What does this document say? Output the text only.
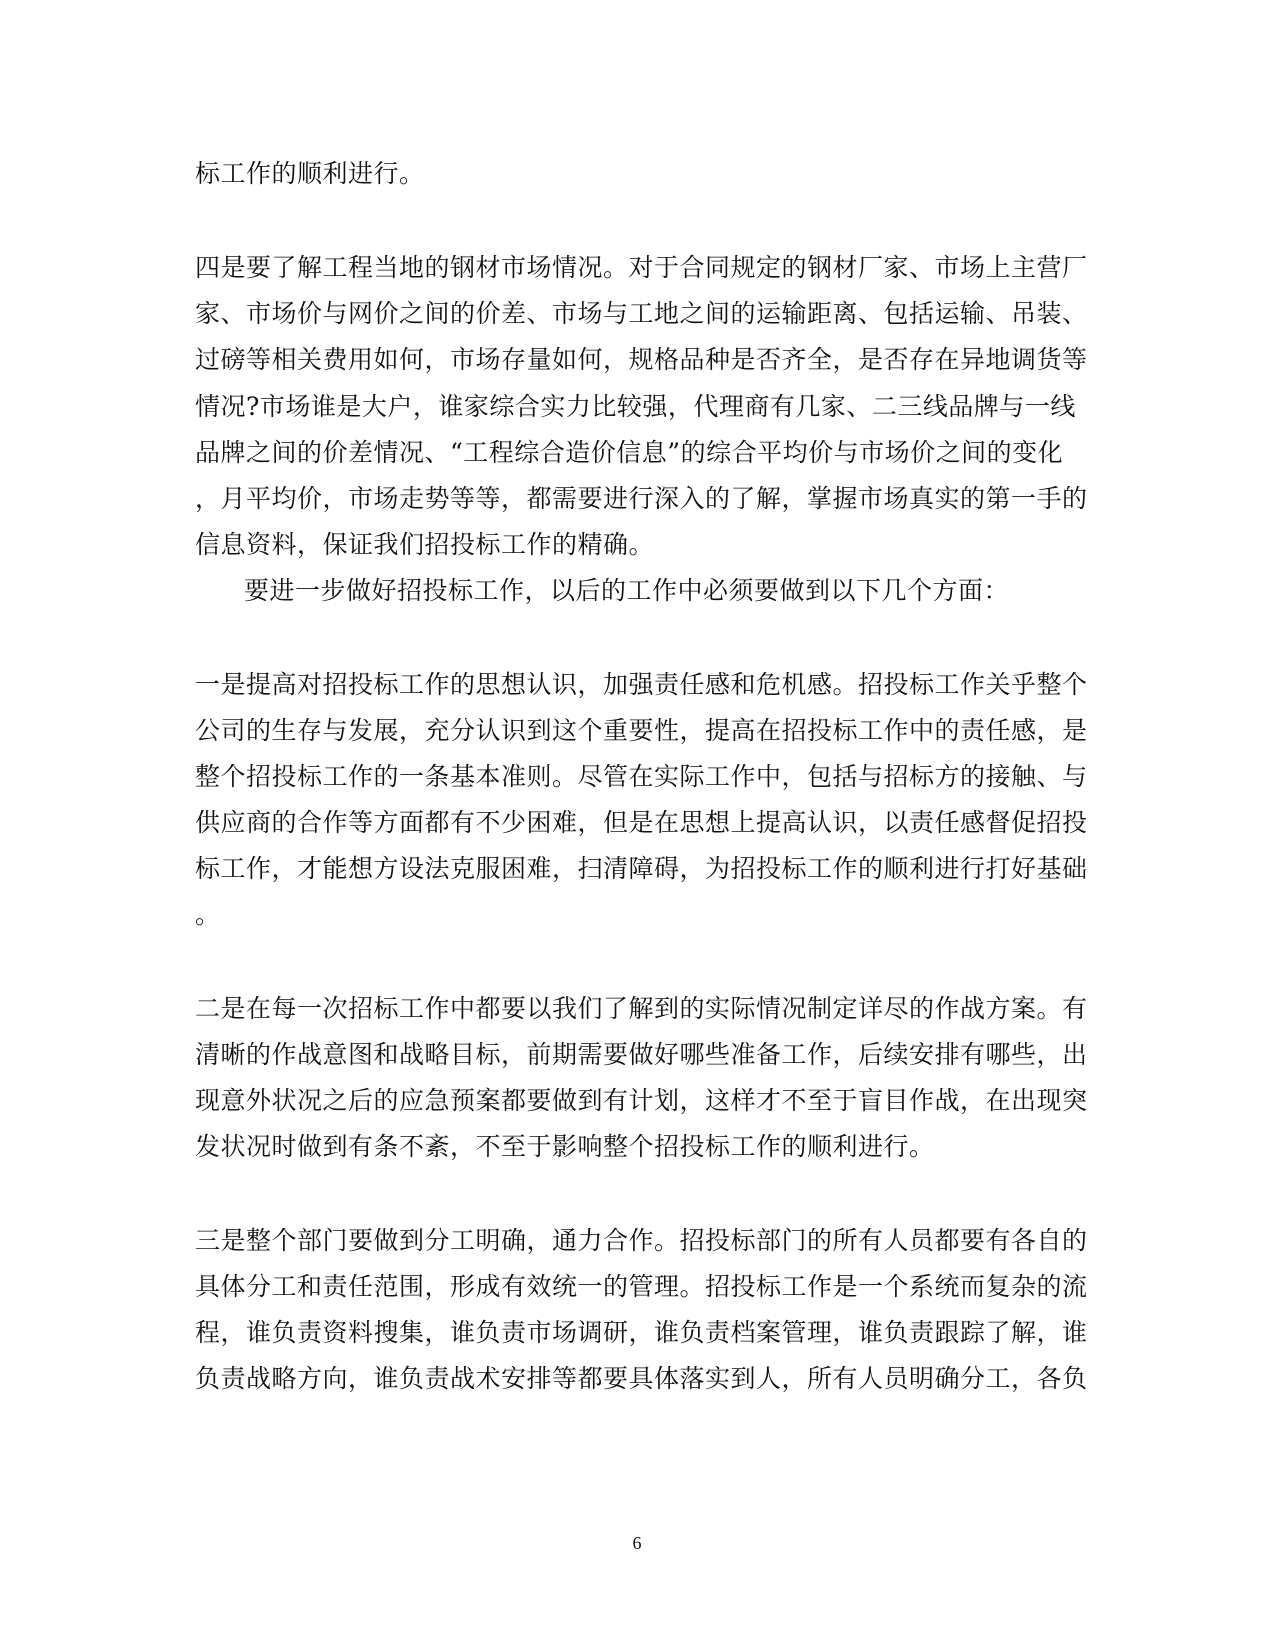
标工作的顺利进行。
四是要了解工程当地的钢材市场情况。对于合同规定的钢材厂家、市场上主营厂
家、市场价与网价之间的价差、市场与工地之间的运输距离、包括运输、吊装、
过磅等相关费用如何，市场存量如何，规格品种是否齐全，是否存在异地调货等
情况?市场谁是大户，谁家综合实力比较强，代理商有几家、二三线品牌与一线
品牌之间的价差情况、“工程综合造价信息”的综合平均价与市场价之间的变化
，月平均价，市场走势等等，都需要进行深入的了解，掌握市场真实的第一手的
信息资料，保证我们招投标工作的精确。
要进一步做好招投标工作，以后的工作中必须要做到以下几个方面：
一是提高对招投标工作的思想认识，加强责任感和危机感。招投标工作关乎整个
公司的生存与发展，充分认识到这个重要性，提高在招投标工作中的责任感，是
整个招投标工作的一条基本准则。尽管在实际工作中，包括与招标方的接触、与
供应商的合作等方面都有不少困难，但是在思想上提高认识，以责任感督促招投
标工作，才能想方设法克服困难，扫清障碍，为招投标工作的顺利进行打好基础
。
二是在每一次招标工作中都要以我们了解到的实际情况制定详尽的作战方案。有
清晰的作战意图和战略目标，前期需要做好哪些准备工作，后续安排有哪些，出
现意外状况之后的应急预案都要做到有计划，这样才不至于盲目作战，在出现突
发状况时做到有条不紊，不至于影响整个招投标工作的顺利进行。
三是整个部门要做到分工明确，通力合作。招投标部门的所有人员都要有各自的
具体分工和责任范围，形成有效统一的管理。招投标工作是一个系统而复杂的流
程，谁负责资料搜集，谁负责市场调研，谁负责档案管理，谁负责跟踪了解，谁
负责战略方向，谁负责战术安排等都要具体落实到人，所有人员明确分工，各负
6
